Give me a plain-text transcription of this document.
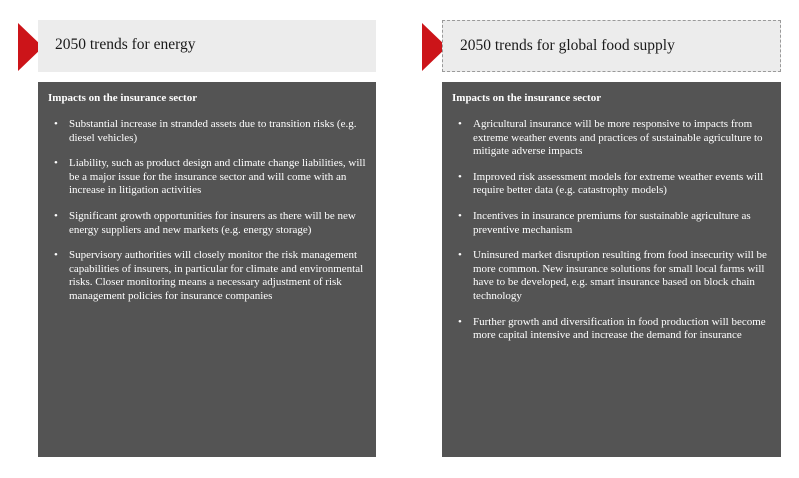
2050 trends for energy
Impacts on the insurance sector
• Substantial increase in stranded assets due to transition risks (e.g. diesel vehicles)
• Liability, such as product design and climate change liabilities, will be a major issue for the insurance sector and will come with an increase in litigation activities
• Significant growth opportunities for insurers as there will be new energy suppliers and new markets (e.g. energy storage)
• Supervisory authorities will closely monitor the risk management capabilities of insurers, in particular for climate and environmental risks. Closer monitoring means a necessary adjustment of risk management policies for insurance companies
2050 trends for global food supply
Impacts on the insurance sector
• Agricultural insurance will be more responsive to impacts from extreme weather events and practices of sustainable agriculture to mitigate adverse impacts
• Improved risk assessment models for extreme weather events will require better data (e.g. catastrophy models)
• Incentives in insurance premiums for sustainable agriculture as preventive mechanism
• Uninsured market disruption resulting from food insecurity will be more common. New insurance solutions for small local farms will have to be developed, e.g. smart insurance based on block chain technology
• Further growth and diversification in food production will become more capital intensive and increase the demand for insurance
